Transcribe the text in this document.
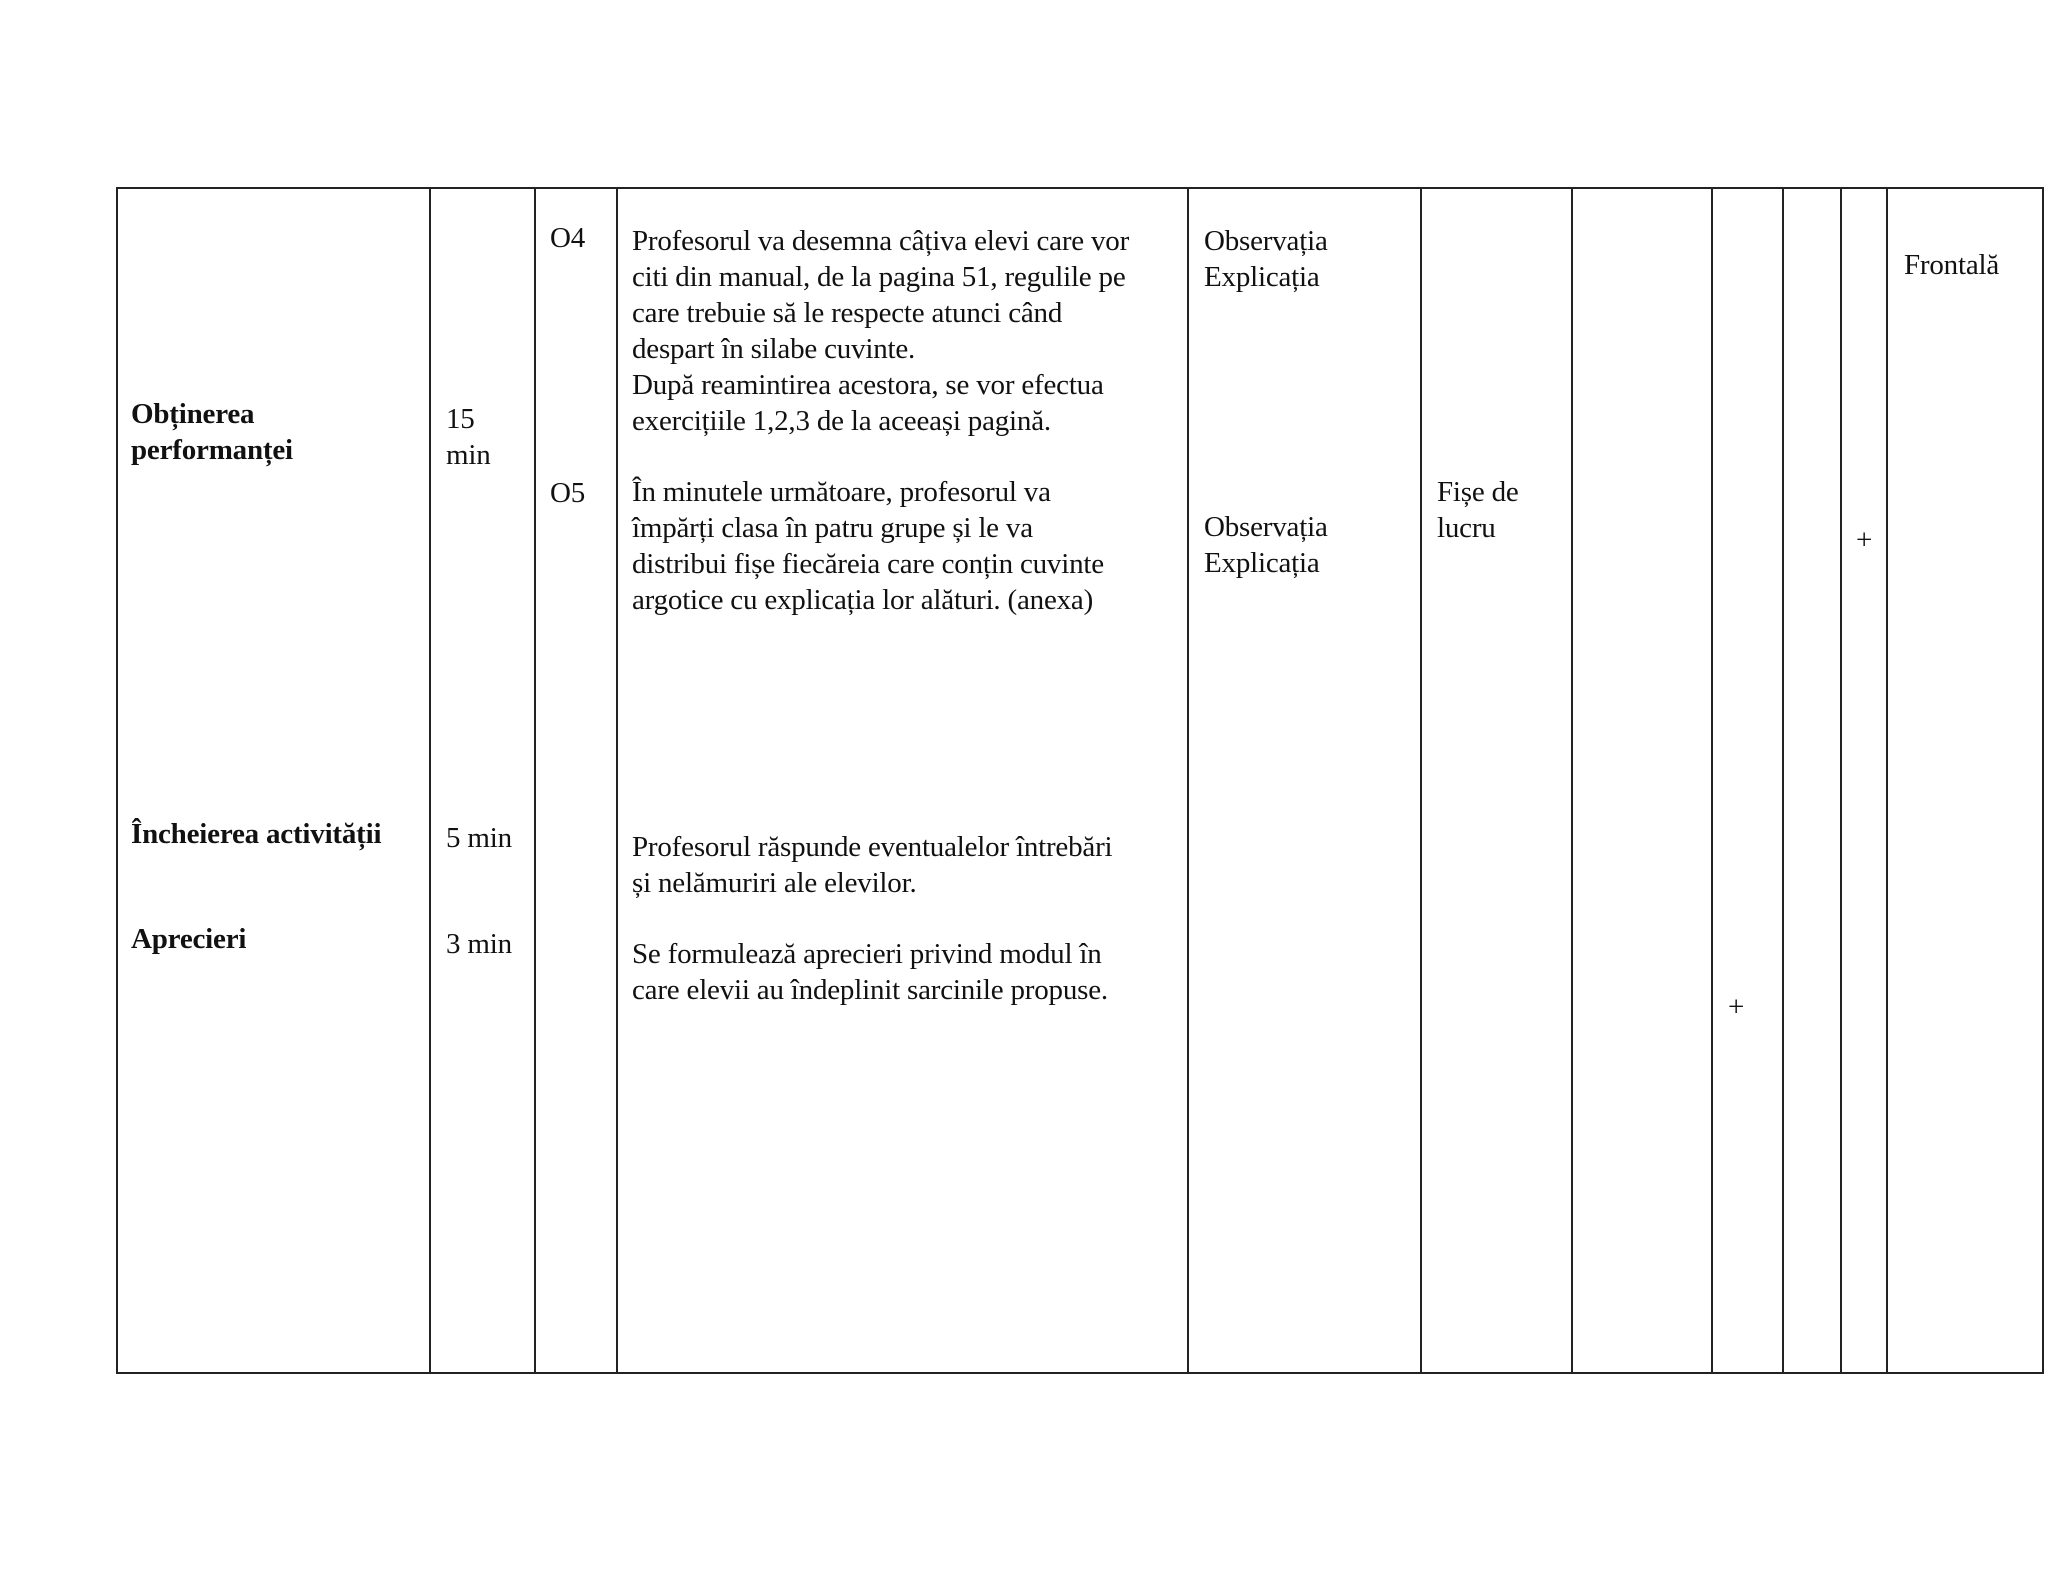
Obținerea
performanței
Încheierea activității
Aprecieri
15
min
5 min
3 min
O4
O5
Profesorul va desemna câțiva elevi care vor
citi din manual, de la pagina 51, regulile pe
care trebuie să le respecte atunci când
despart în silabe cuvinte.
După reamintirea acestora, se vor efectua
exercițiile 1,2,3 de la aceeași pagină.
În minutele următoare, profesorul va
împărți clasa în patru grupe și le va
distribui fișe fiecăreia care conțin cuvinte
argotice cu explicația lor alături. (anexa)
Profesorul răspunde eventualelor întrebări
și nelămuriri ale elevilor.
Se formulează aprecieri privind modul în
care elevii au îndeplinit sarcinile propuse.
Observația
Explicația
Observația
Explicația
Fișe de
lucru	+
+
Frontală
